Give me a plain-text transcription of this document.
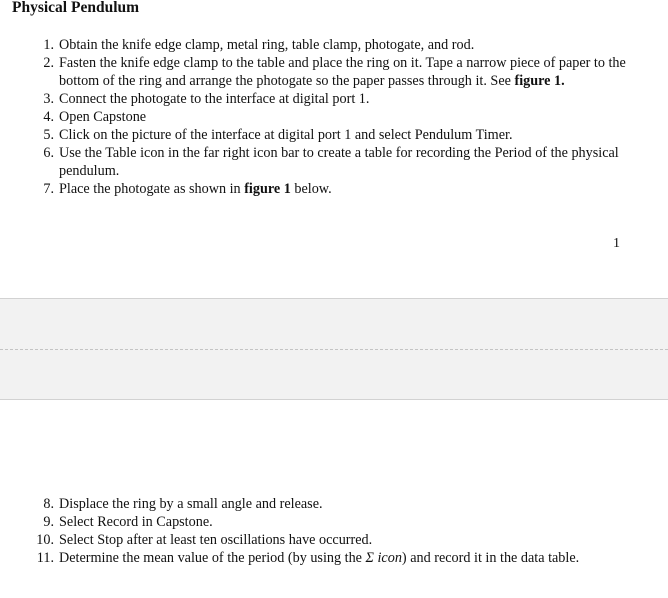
Physical Pendulum
1. Obtain the knife edge clamp, metal ring, table clamp, photogate, and rod.
2. Fasten the knife edge clamp to the table and place the ring on it. Tape a narrow piece of paper to the bottom of the ring and arrange the photogate so the paper passes through it. See figure 1.
3. Connect the photogate to the interface at digital port 1.
4. Open Capstone
5. Click on the picture of the interface at digital port 1 and select Pendulum Timer.
6. Use the Table icon in the far right icon bar to create a table for recording the Period of the physical pendulum.
7. Place the photogate as shown in figure 1 below.
1
8. Displace the ring by a small angle and release.
9. Select Record in Capstone.
10. Select Stop after at least ten oscillations have occurred.
11. Determine the mean value of the period (by using the Σ icon) and record it in the data table.
